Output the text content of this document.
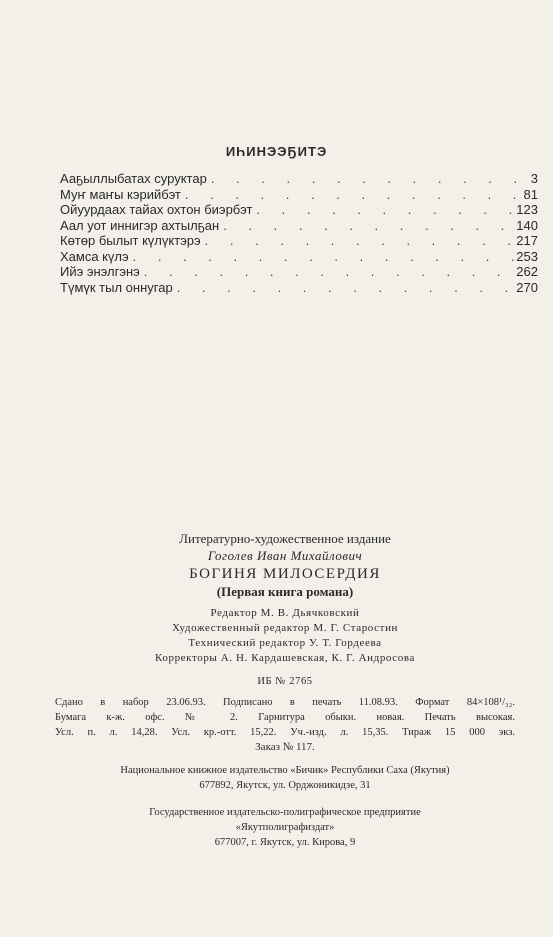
ИҺИНЭЭҔИТЭ
Ааҕыллыбатах суруктар . . .	3
Муҥ маҥы кэрийбэт . . .	81
Ойуурдаах тайах охтон биэрбэт . . .	123
Аал уот иннигэр ахтылҕан . . .	140
Көтөр былыт күлүктэрэ . . .	217
Хамса күлэ . . .	253
Ийэ энэлгэнэ . . .	262
Түмүк тыл оннугар . . .	270
Литературно-художественное издание
Гоголев Иван Михайлович
БОГИНЯ МИЛОСЕРДИЯ
(Первая книга романа)
Редактор М. В. Дьячковский
Художественный редактор М. Г. Старостин
Технический редактор У. Т. Гордеева
Корректоры А. Н. Кардашевская, К. Г. Андросова
ИБ № 2765
Сдано в набор 23.06.93. Подписано в печать 11.08.93. Формат 84×108¹/₃₂.
Бумага к-ж. офс. № 2. Гарнитура обыкн. новая. Печать высокая.
Усл. п. л. 14,28. Усл. кр.-отт. 15,22. Уч.-изд. л. 15,35. Тираж 15 000 экз.
Заказ № 117.
Национальное книжное издательство «Бичик» Республики Саха (Якутия)
677892, Якутск, ул. Орджоникидзе, 31
Государственное издательско-полиграфическое предприятие
«Якутполиграфиздат»
677007, г. Якутск, ул. Кирова, 9
